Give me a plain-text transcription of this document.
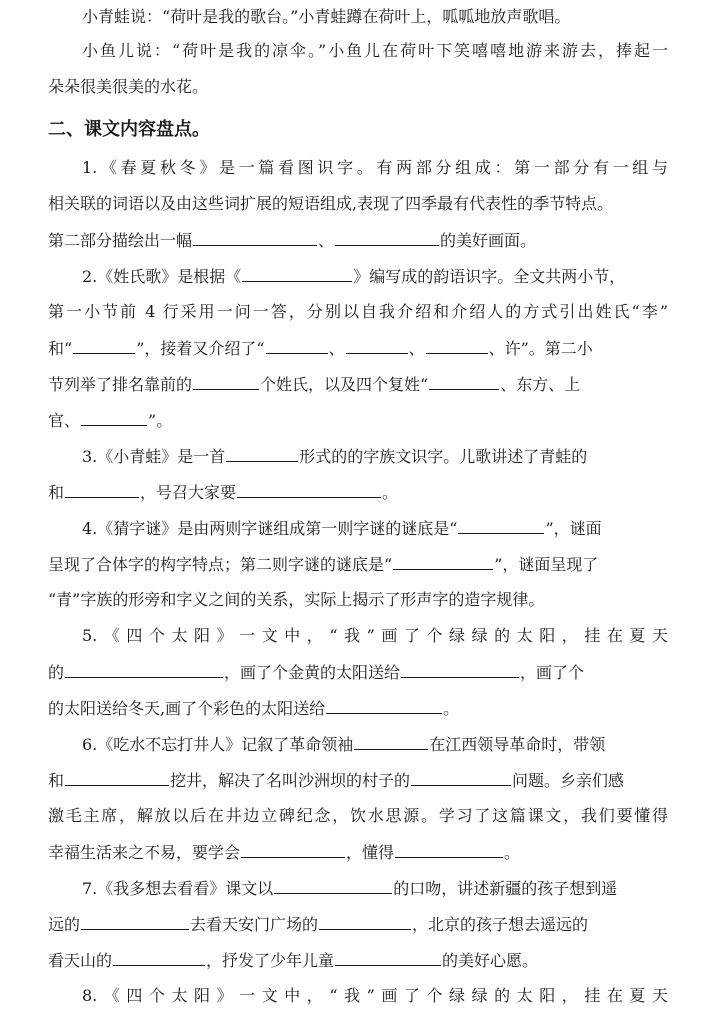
小青蛙说：“荷叶是我的歌台。”小青蛙蹲在荷叶上，呱呱地放声歌唱。
小鱼儿说：“荷叶是我的凉伞。”小鱼儿在荷叶下笑嘻嘻地游来游去，捧起一
朵朵很美很美的水花。
二、课文内容盘点。
1.《春夏秋冬》是一篇看图识字。有两部分组成：第一部分有一组与
相关联的词语以及由这些词扩展的短语组成,表现了四季最有代表性的季节特点。
第二部分描绘出一幅	、	的美好画面。
2.《姓氏歌》是根据《	》编写成的韵语识字。全文共两小节，
第一小节前 4 行采用一问一答，分别以自我介绍和介绍人的方式引出姓氏“李”
和“	”，接着又介绍了“	、	、	、许”。第二小
节列举了排名靠前的	个姓氏，以及四个复姓“	、东方、上
官、	”。
3.《小青蛙》是一首	形式的的字族文识字。儿歌讲述了青蛙的
和	，号召大家要	。
4.《猜字谜》是由两则字谜组成第一则字谜的谜底是“	”，谜面
呈现了合体字的构字特点；第二则字谜的谜底是“	”，谜面呈现了
“青”字族的形旁和字义之间的关系，实际上揭示了形声字的造字规律。
5.《四个太阳》一文中，“我”画了个绿绿的太阳，挂在夏天
的	，画了个金黄的太阳送给	，画了个
的太阳送给冬天,画了个彩色的太阳送给	。
6.《吃水不忘打井人》记叙了革命领袖	在江西领导革命时，带领
和	挖井，解决了名叫沙洲坝的村子的	问题。乡亲们感
激毛主席，解放以后在井边立碑纪念，饮水思源。学习了这篇课文，我们要懂得
幸福生活来之不易，要学会	，懂得	。
7.《我多想去看看》课文以	的口吻，讲述新疆的孩子想到遥
远的	去看天安门广场的	，北京的孩子想去遥远的
看天山的	，抒发了少年儿童	的美好心愿。
8.《四个太阳》一文中，“我”画了个绿绿的太阳，挂在夏天
